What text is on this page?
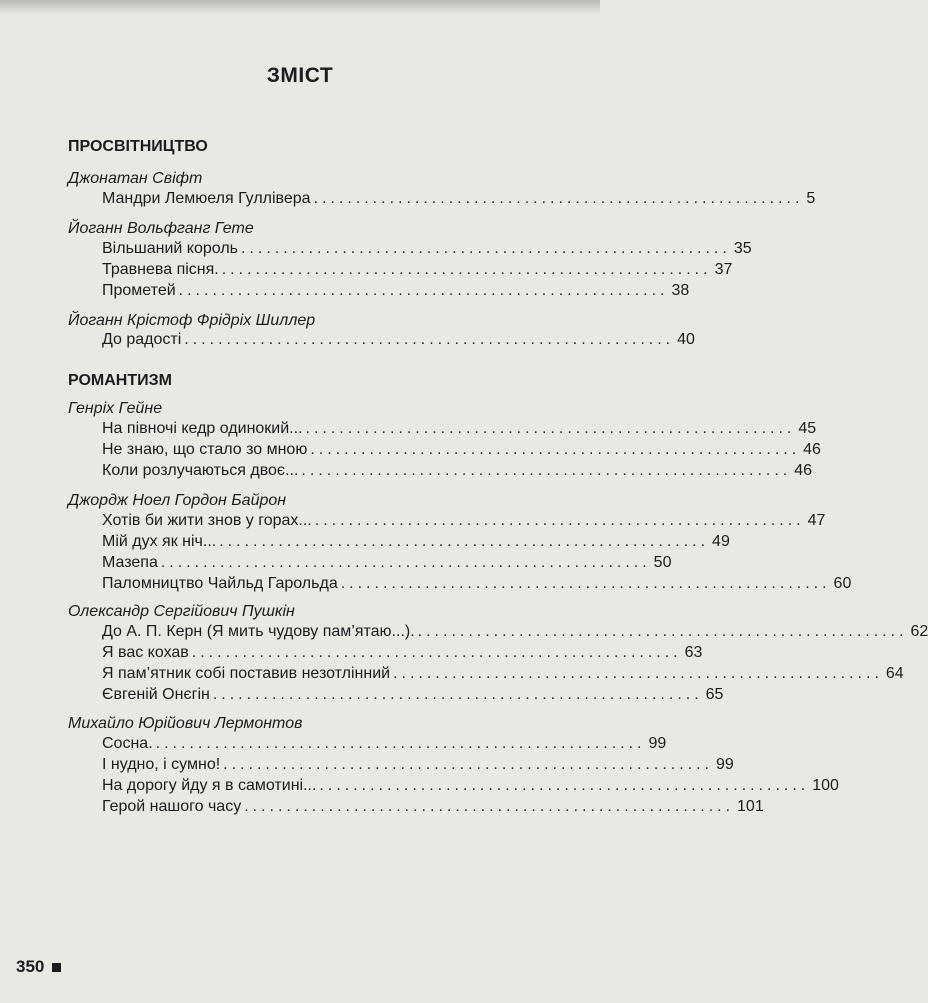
ЗМІСТ
ПРОСВІТНИЦТВО
Джонатан Свіфт
Мандри Лемюеля Гуллівера .......................................................... 5
Йоганн Вольфганг Гете
Вільшаний король .......................................................... 35
Травнева пісня. .......................................................... 37
Прометей .......................................................... 38
Йоганн Крістоф Фрідріх Шиллер
До радості .......................................................... 40
РОМАНТИЗМ
Генріх Гейне
На півночі кедр одинокий... .......................................................... 45
Не знаю, що стало зо мною .......................................................... 46
Коли розлучаються двоє... .......................................................... 46
Джордж Ноел Гордон Байрон
Хотів би жити знов у горах... .......................................................... 47
Мій дух як ніч... .......................................................... 49
Мазепа .......................................................... 50
Паломництво Чайльд Гарольда .......................................................... 60
Олександр Сергійович Пушкін
До А. П. Керн (Я мить чудову пам’ятаю...). .......................................................... 62
Я вас кохав .......................................................... 63
Я пам’ятник собі поставив незотлінний .......................................................... 64
Євгеній Онєгін .......................................................... 65
Михайло Юрійович Лермонтов
Сосна. .......................................................... 99
І нудно, і сумно! .......................................................... 99
На дорогу йду я в самотині... .......................................................... 100
Герой нашого часу .......................................................... 101
350
